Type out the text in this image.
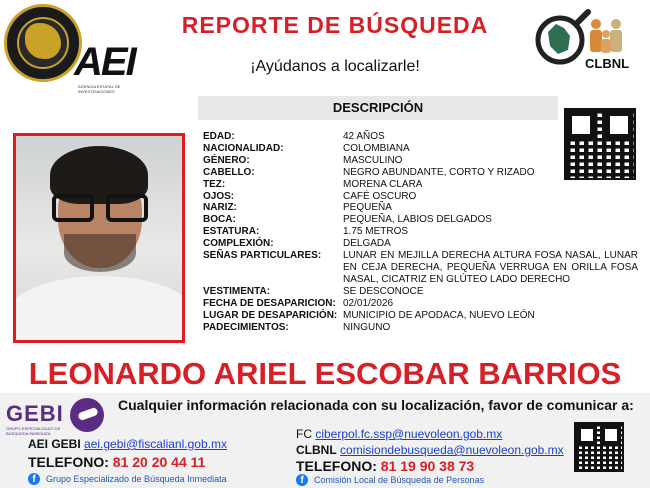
AEI
AGENCIA ESTATAL DE INVESTIGACIONES
REPORTE DE BÚSQUEDA
¡Ayúdanos a localizarle!	CLBNL
DESCRIPCIÓN
EDAD:	42 AÑOS
NACIONALIDAD:	COLOMBIANA
GÉNERO:	MASCULINO
CABELLO:	NEGRO ABUNDANTE, CORTO Y RIZADO
TEZ:	MORENA CLARA
OJOS:	CAFÉ OSCURO
NARIZ:	PEQUEÑA
BOCA:	PEQUEÑA, LABIOS DELGADOS
ESTATURA:	1.75 METROS
COMPLEXIÓN:	DELGADA
SEÑAS PARTICULARES:	LUNAR EN MEJILLA DERECHA ALTURA FOSA NASAL, LUNAR EN CEJA DERECHA, PEQUEÑA VERRUGA EN ORILLA FOSA NASAL, CICATRIZ EN GLÚTEO LADO DERECHO
VESTIMENTA:	SE DESCONOCE
FECHA DE DESAPARICION: 02/01/2026
LUGAR DE DESAPARICIÓN: MUNICIPIO DE APODACA, NUEVO LEÓN
PADECIMIENTOS:	NINGUNO
LEONARDO ARIEL ESCOBAR BARRIOS
GEBI
GRUPO ESPECIALIZADO DE BÚSQUEDA INMEDIATA
Cualquier información relacionada con su localización, favor de comunicar a:
AEI GEBI aei.gebi@fiscalianl.gob.mx
TELEFONO: 81 20 20 44 11
f	Grupo Especializado de Búsqueda Inmediata
FC ciberpol.fc.ssp@nuevoleon.gob.mx
CLBNL comisiondebusqueda@nuevoleon.gob.mx
TELEFONO: 81 19 90 38 73
f	Comisión Local de Búsqueda de Personas
